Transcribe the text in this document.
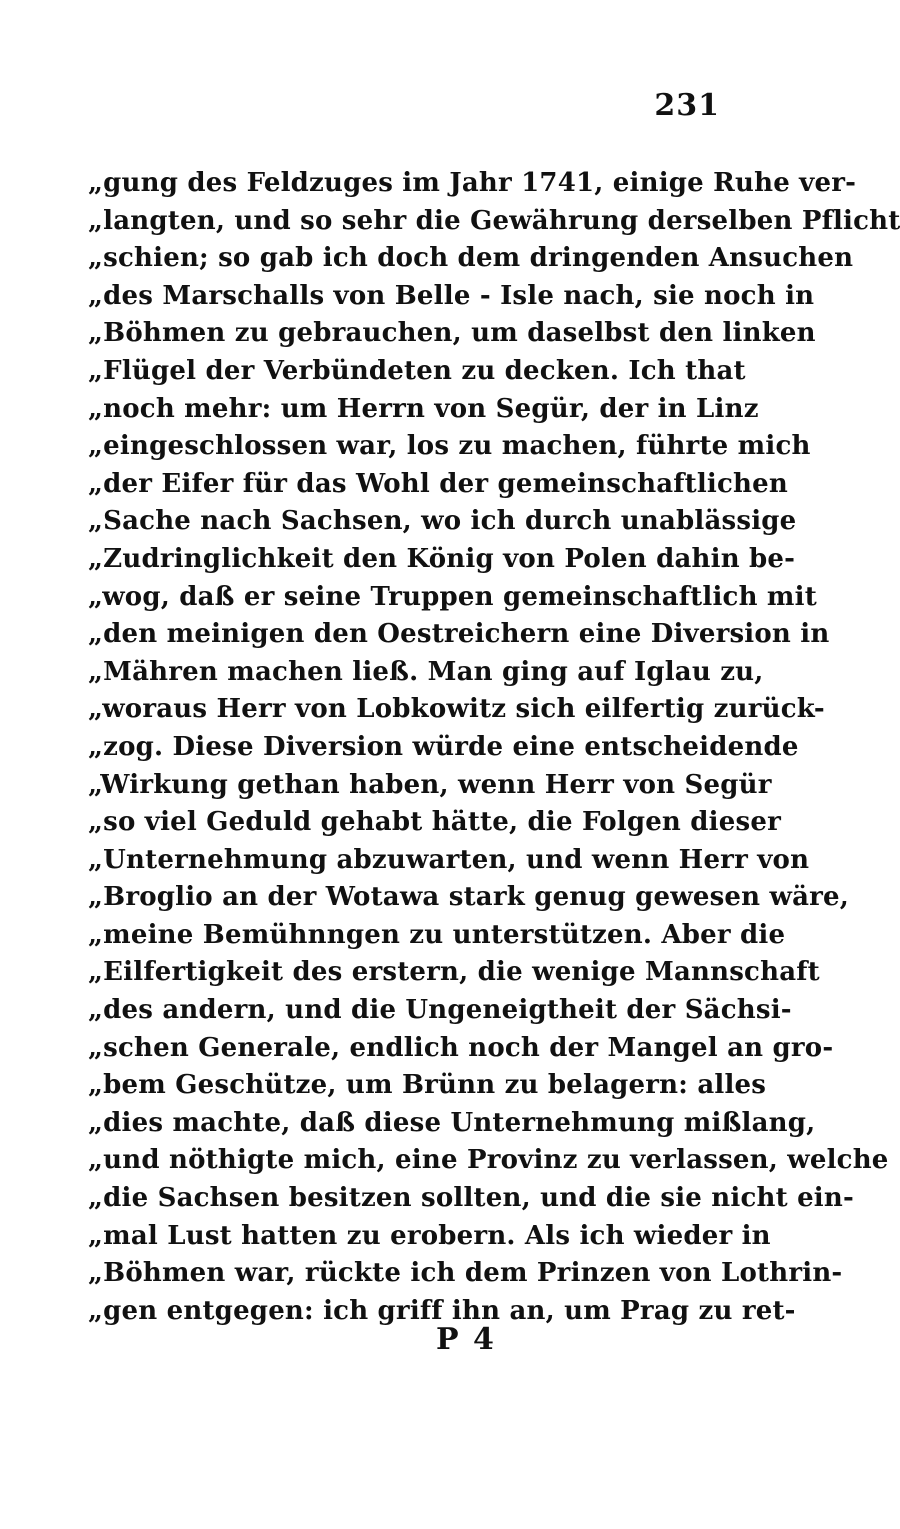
231
„gung des Feldzuges im Jahr 1741, einige Ruhe ver-
„langten, und so sehr die Gewährung derselben Pflicht
„schien; so gab ich doch dem dringenden Ansuchen
„des Marschalls von Belle - Isle nach, sie noch in
„Böhmen zu gebrauchen, um daselbst den linken
„Flügel der Verbündeten zu decken. Ich that
„noch mehr: um Herrn von Segür, der in Linz
„eingeschlossen war, los zu machen, führte mich
„der Eifer für das Wohl der gemeinschaftlichen
„Sache nach Sachsen, wo ich durch unablässige
„Zudringlichkeit den König von Polen dahin be-
„wog, daß er seine Truppen gemeinschaftlich mit
„den meinigen den Oestreichern eine Diversion in
„Mähren machen ließ. Man ging auf Iglau zu,
„woraus Herr von Lobkowitz sich eilfertig zurück-
„zog. Diese Diversion würde eine entscheidende
„Wirkung gethan haben, wenn Herr von Segür
„so viel Geduld gehabt hätte, die Folgen dieser
„Unternehmung abzuwarten, und wenn Herr von
„Broglio an der Wotawa stark genug gewesen wäre,
„meine Bemühnngen zu unterstützen. Aber die
„Eilfertigkeit des erstern, die wenige Mannschaft
„des andern, und die Ungeneigtheit der Sächsi-
„schen Generale, endlich noch der Mangel an gro-
„bem Geschütze, um Brünn zu belagern: alles
„dies machte, daß diese Unternehmung mißlang,
„und nöthigte mich, eine Provinz zu verlassen, welche
„die Sachsen besitzen sollten, und die sie nicht ein-
„mal Lust hatten zu erobern. Als ich wieder in
„Böhmen war, rückte ich dem Prinzen von Lothrin-
„gen entgegen: ich griff ihn an, um Prag zu ret-
P 4
